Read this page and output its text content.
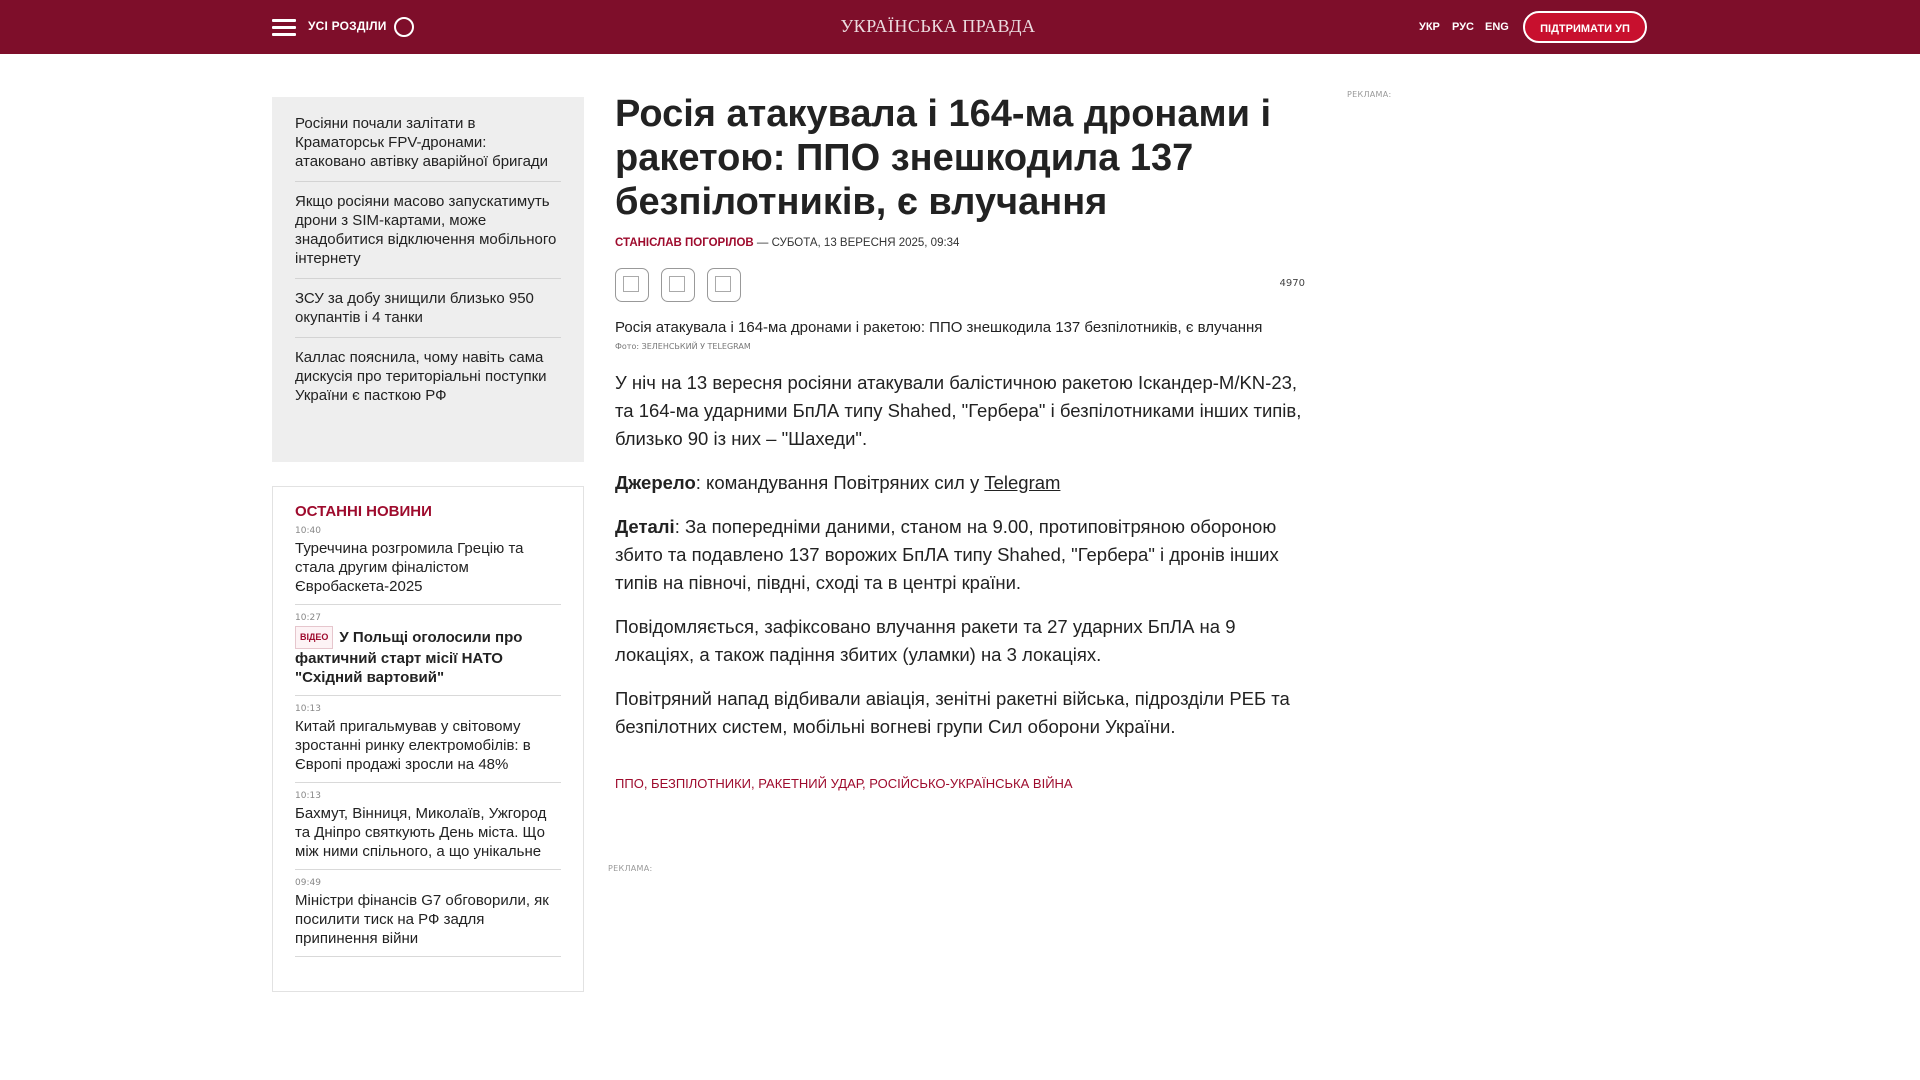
УСІ РОЗДІЛИ	УКРАЇНСЬКА ПРАВДА	УКР РУС ENG	ПІДТРИМАТИ УП
Росіяни почали залітати в Краматорськ FPV-дронами: атаковано автівку аварійної бригади
Якщо росіяни масово запускатимуть дрони з SIM-картами, може знадобитися відключення мобільного інтернету
ЗСУ за добу знищили близько 950 окупантів і 4 танки
Каллас пояснила, чому навіть сама дискусія про територіальні поступки України є пасткою РФ
ОСТАННІ НОВИНИ
10:40
Туреччина розгромила Грецію та стала другим фіналістом Євробаскета-2025
10:27
ВІДЕО У Польщі оголосили про фактичний старт місії НАТО "Східний вартовий"
10:13
Китай пригальмував у світовому зростанні ринку електромобілів: в Європі продажі зросли на 48%
10:13
Бахмут, Вінниця, Миколаїв, Ужгород та Дніпро святкують День міста. Що між ними спільного, а що унікальне
09:49
Міністри фінансів G7 обговорили, як посилити тиск на РФ задля припинення війни
Росія атакувала і 164-ма дронами і ракетою: ППО знешкодила 137 безпілотників, є влучання
СТАНІСЛАВ ПОГОРІЛОВ — СУБОТА, 13 ВЕРЕСНЯ 2025, 09:34
4970
Росія атакувала і 164-ма дронами і ракетою: ППО знешкодила 137 безпілотників, є влучання
Фото: ЗЕЛЕНСЬКИЙ У TELEGRAM

У ніч на 13 вересня росіяни атакували балістичною ракетою Іскандер-М/KN-23, та 164-ма ударними БпЛА типу Shahed, "Гербера" і безпілотниками інших типів, близько 90 із них – "Шахеди".

Джерело: командування Повітряних сил у Telegram

Деталі: За попередніми даними, станом на 9.00, протиповітряною обороною збито та подавлено 137 ворожих БпЛА типу Shahed, "Гербера" і дронів інших типів на півночі, півдні, сході та в центрі країни.

Повідомляється, зафіксовано влучання ракети та 27 ударних БпЛА на 9 локаціях, а також падіння збитих (уламки) на 3 локаціях.

Повітряний напад відбивали авіація, зенітні ракетні війська, підрозділи РЕБ та безпілотних систем, мобільні вогневі групи Сил оборони України.

ППО, БЕЗПІЛОТНИКИ, РАКЕТНИЙ УДАР, РОСІЙСЬКО-УКРАЇНСЬКА ВІЙНА
РЕКЛАМА:
РЕКЛАМА:
